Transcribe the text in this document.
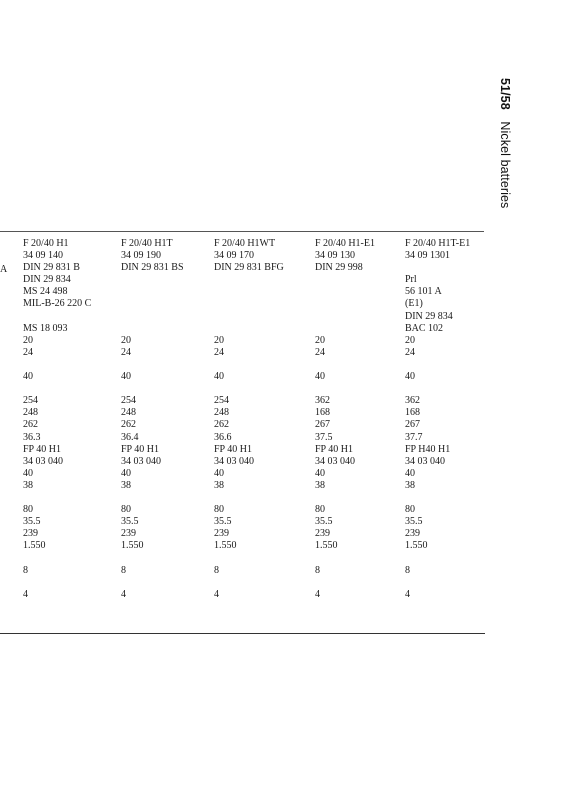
51/58 Nickel batteries
A
F 20/40 H1
34 09 140
DIN 29 831 B
DIN 29 834
MS 24 498
MIL-B-26 220 C
MS 18 093
20
24
40
254
248
262
36.3
FP 40 H1
34 03 040
40
38
80
35.5
239
1.550
8
4
F 20/40 H1T
34 09 190
DIN 29 831 BS
20
24
40
254
248
262
36.4
FP 40 H1
34 03 040
40
38
80
35.5
239
1.550
8
4
F 20/40 H1WT
34 09 170
DIN 29 831 BFG
20
24
40
254
248
262
36.6
FP 40 H1
34 03 040
40
38
80
35.5
239
1.550
8
4
F 20/40 H1-E1
34 09 130
DIN 29 998
20
24
40
362
168
267
37.5
FP 40 H1
34 03 040
40
38
80
35.5
239
1.550
8
4
F 20/40 H1T-E1
34 09 1301
Prl
56 101 A
(E1)
DIN 29 834
BAC 102
20
24
40
362
168
267
37.7
FP H40 H1
34 03 040
40
38
80
35.5
239
1.550
8
4
